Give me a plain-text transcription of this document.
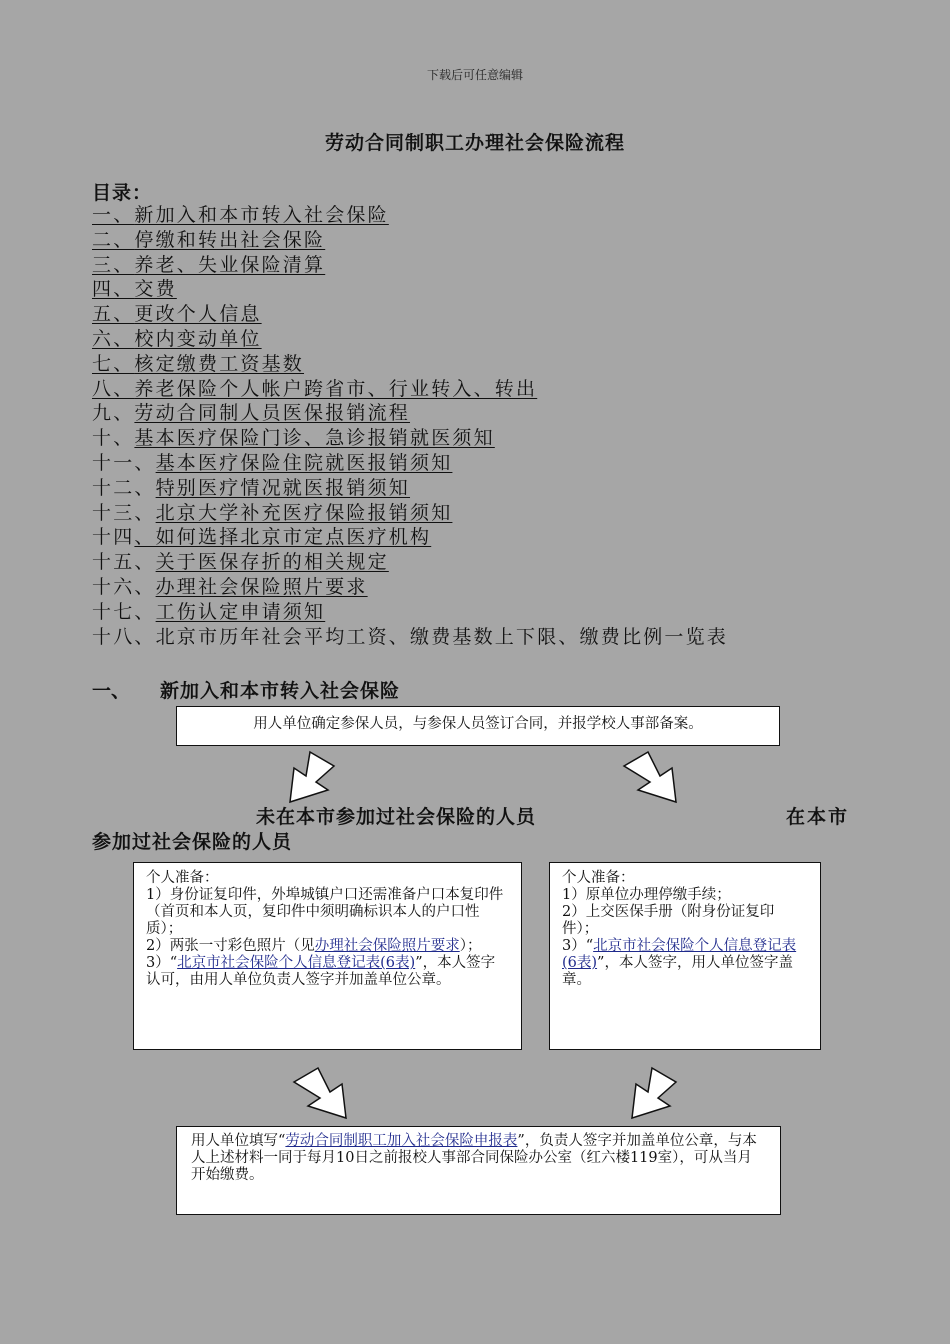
下载后可任意编辑
劳动合同制职工办理社会保险流程
目录：
一、新加入和本市转入社会保险
二、停缴和转出社会保险
三、养老、失业保险清算
四、交费
五、更改个人信息
六、校内变动单位
七、核定缴费工资基数
八、养老保险个人帐户跨省市、行业转入、转出
九、劳动合同制人员医保报销流程
十、基本医疗保险门诊、急诊报销就医须知
十一、基本医疗保险住院就医报销须知
十二、特别医疗情况就医报销须知
十三、北京大学补充医疗保险报销须知
十四、如何选择北京市定点医疗机构
十五、关于医保存折的相关规定
十六、办理社会保险照片要求
十七、工伤认定申请须知
十八、北京市历年社会平均工资、缴费基数上下限、缴费比例一览表
一、 新加入和本市转入社会保险
用人单位确定参保人员，与参保人员签订合同，并报学校人事部备案。
未在本市参加过社会保险的人员	在本市
参加过社会保险的人员
个人准备：
1）身份证复印件，外埠城镇户口还需准备户口本复印件（首页和本人页，复印件中须明确标识本人的户口性质）；
2）两张一寸彩色照片（见办理社会保险照片要求）；
3）“北京市社会保险个人信息登记表(6表)”，本人签字认可，由用人单位负责人签字并加盖单位公章。
个人准备：
1）原单位办理停缴手续；
2）上交医保手册（附身份证复印件）；
3）“北京市社会保险个人信息登记表(6表)”，本人签字，用人单位签字盖章。
用人单位填写“劳动合同制职工加入社会保险申报表”，负责人签字并加盖单位公章，与本人上述材料一同于每月10日之前报校人事部合同保险办公室（红六楼119室），可从当月开始缴费。
